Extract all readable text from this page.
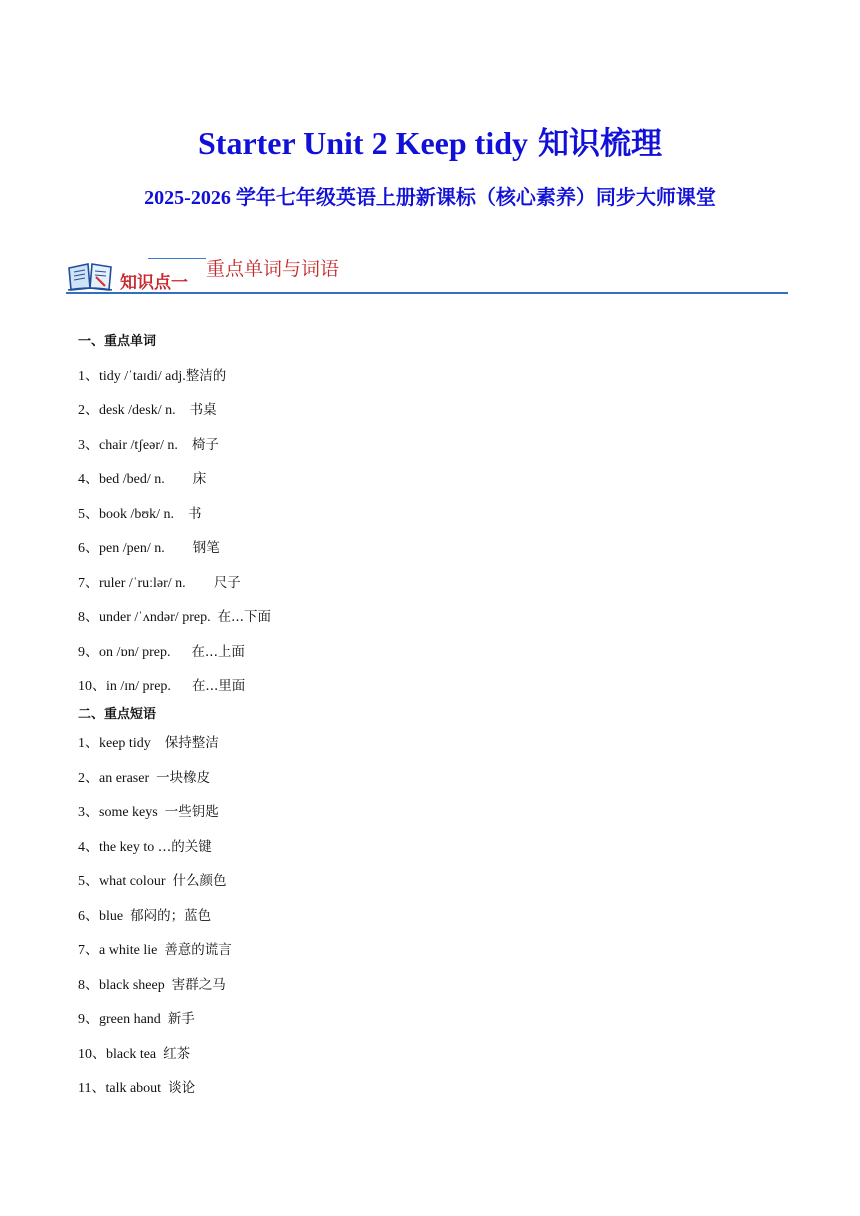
Starter Unit 2 Keep tidy 知识梳理
2025-2026 学年七年级英语上册新课标（核心素养）同步大师课堂
知识点一
重点单词与词语
一、重点单词
1、tidy /ˈtaɪdi/ adj.整洁的
2、desk /desk/ n. 书桌
3、chair /tʃeər/ n. 椅子
4、bed /bed/ n. 床
5、book /bʊk/ n. 书
6、pen /pen/ n. 钢笔
7、ruler /ˈruːlər/ n. 尺子
8、under /ˈʌndər/ prep. 在...下面
9、on /ɒn/ prep. 在...上面
10、in /ɪn/ prep. 在...里面
二、重点短语
1、keep tidy 保持整洁
2、an eraser 一块橡皮
3、some keys 一些钥匙
4、the key to …的关键
5、what colour 什么颜色
6、blue 郁闷的；蓝色
7、a white lie 善意的谎言
8、black sheep 害群之马
9、green hand 新手
10、black tea 红茶
11、talk about 谈论
